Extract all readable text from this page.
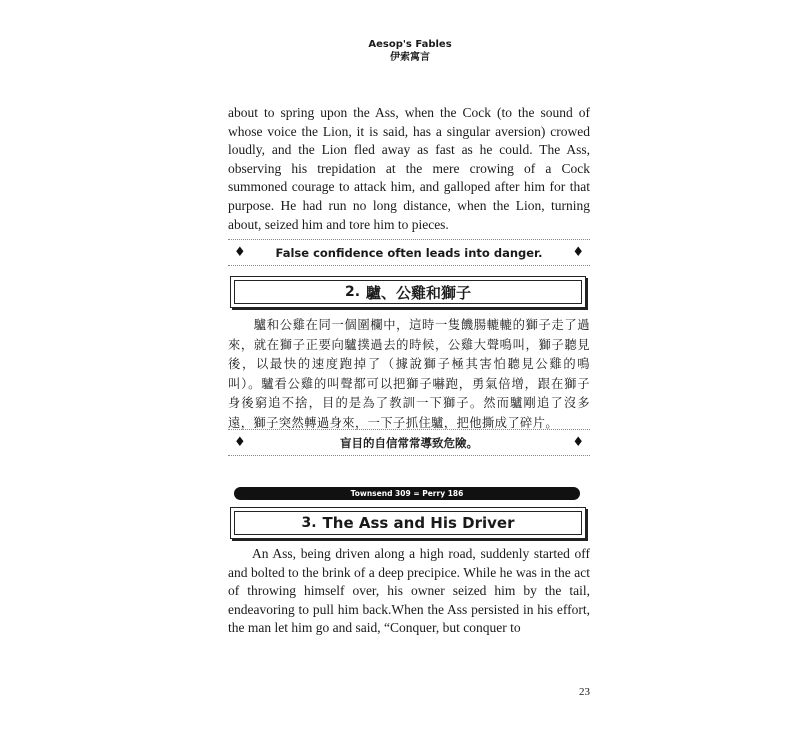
Aesop's Fables
伊索寓言

about to spring upon the Ass, when the Cock (to the sound of whose voice the Lion, it is said, has a singular aversion) crowed loudly, and the Lion fled away as fast as he could. The Ass, observing his trepidation at the mere crowing of a Cock summoned courage to attack him, and galloped after him for that purpose. He had run no long distance, when the Lion, turning about, seized him and tore him to pieces.

♦	False confidence often leads into danger.	♦
2. 驢、公雞和獅子

　　驢和公雞在同一個圍欄中，這時一隻饑腸轆轆的獅子走了過來，就在獅子正要向驢撲過去的時候，公雞大聲鳴叫，獅子聽見後，以最快的速度跑掉了（據說獅子極其害怕聽見公雞的鳴叫）。驢看公雞的叫聲都可以把獅子嚇跑，勇氣倍增，跟在獅子身後窮追不捨，目的是為了教訓一下獅子。然而驢剛追了沒多遠，獅子突然轉過身來，一下子抓住驢，把他撕成了碎片。

♦	盲目的自信常常導致危險。	♦
Townsend 309 = Perry 186
3. The Ass and His Driver

An Ass, being driven along a high road, suddenly started off and bolted to the brink of a deep precipice. While he was in the act of throwing himself over, his owner seized him by the tail, endeavoring to pull him back.When the Ass persisted in his effort, the man let him go and said, “Conquer, but conquer to

23
